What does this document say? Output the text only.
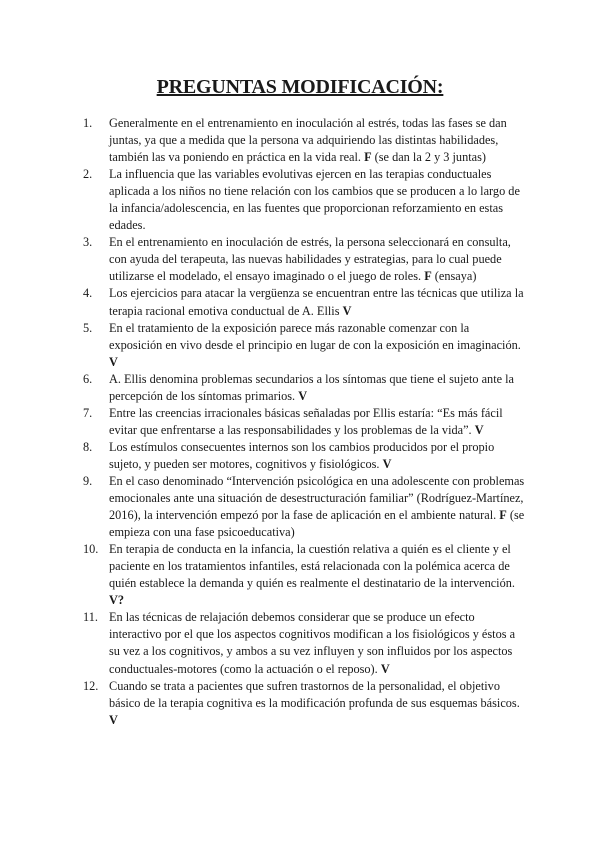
PREGUNTAS MODIFICACIÓN:
1. Generalmente en el entrenamiento en inoculación al estrés, todas las fases se dan juntas, ya que a medida que la persona va adquiriendo las distintas habilidades, también las va poniendo en práctica en la vida real. F (se dan la 2 y 3 juntas)
2. La influencia que las variables evolutivas ejercen en las terapias conductuales aplicada a los niños no tiene relación con los cambios que se producen a lo largo de la infancia/adolescencia, en las fuentes que proporcionan reforzamiento en estas edades.
3. En el entrenamiento en inoculación de estrés, la persona seleccionará en consulta, con ayuda del terapeuta, las nuevas habilidades y estrategias, para lo cual puede utilizarse el modelado, el ensayo imaginado o el juego de roles. F (ensaya)
4. Los ejercicios para atacar la vergüenza se encuentran entre las técnicas que utiliza la terapia racional emotiva conductual de A. Ellis V
5. En el tratamiento de la exposición parece más razonable comenzar con la exposición en vivo desde el principio en lugar de con la exposición en imaginación. V
6. A. Ellis denomina problemas secundarios a los síntomas que tiene el sujeto ante la percepción de los síntomas primarios. V
7. Entre las creencias irracionales básicas señaladas por Ellis estaría: “Es más fácil evitar que enfrentarse a las responsabilidades y los problemas de la vida”. V
8. Los estímulos consecuentes internos son los cambios producidos por el propio sujeto, y pueden ser motores, cognitivos y fisiológicos. V
9. En el caso denominado “Intervención psicológica en una adolescente con problemas emocionales ante una situación de desestructuración familiar” (Rodríguez-Martínez, 2016), la intervención empezó por la fase de aplicación en el ambiente natural. F (se empieza con una fase psicoeducativa)
10. En terapia de conducta en la infancia, la cuestión relativa a quién es el cliente y el paciente en los tratamientos infantiles, está relacionada con la polémica acerca de quién establece la demanda y quién es realmente el destinatario de la intervención. V?
11. En las técnicas de relajación debemos considerar que se produce un efecto interactivo por el que los aspectos cognitivos modifican a los fisiológicos y éstos a su vez a los cognitivos, y ambos a su vez influyen y son influidos por los aspectos conductuales-motores (como la actuación o el reposo). V
12. Cuando se trata a pacientes que sufren trastornos de la personalidad, el objetivo básico de la terapia cognitiva es la modificación profunda de sus esquemas básicos. V
